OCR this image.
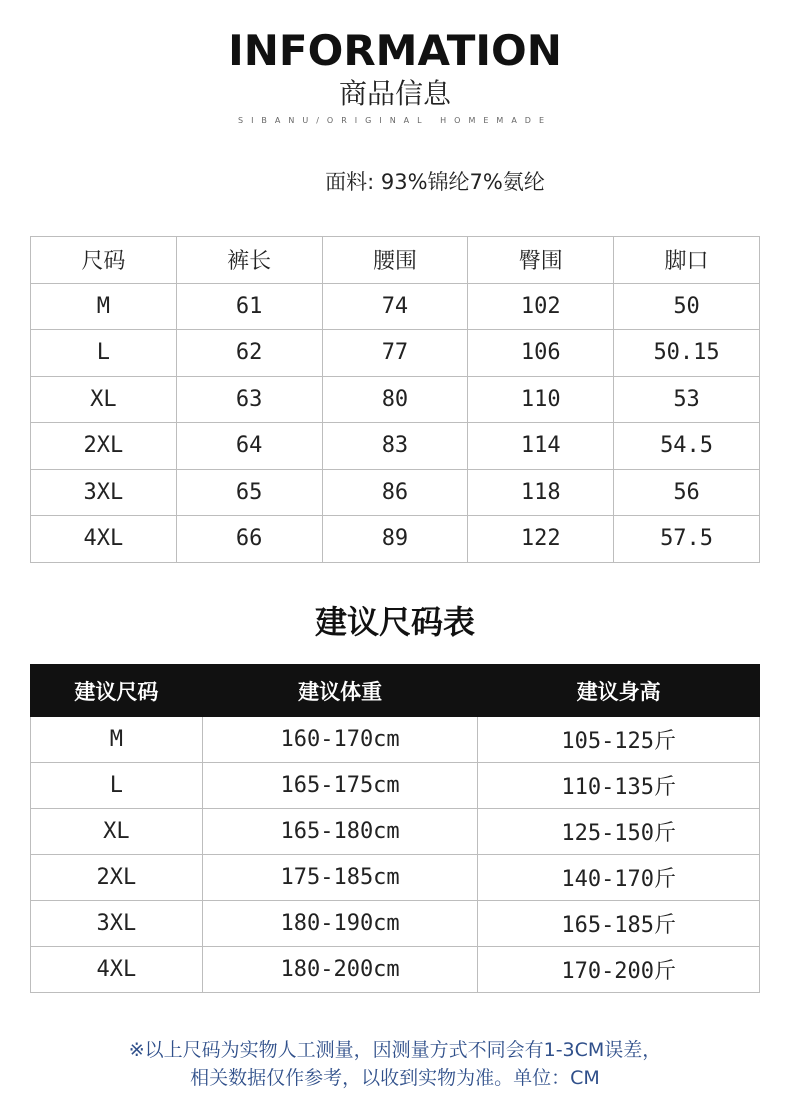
INFORMATION
商品信息
SIBANU/ORIGINAL HOMEMADE
面料: 93%锦纶7%氨纶
尺码	裤长	腰围	臀围	脚口
M	61	74	102	50
L	62	77	106	50.15
XL	63	80	110	53
2XL	64	83	114	54.5
3XL	65	86	118	56
4XL	66	89	122	57.5
建议尺码表
建议尺码	建议体重	建议身高
M	160-170cm	105-125斤
L	165-175cm	110-135斤
XL	165-180cm	125-150斤
2XL	175-185cm	140-170斤
3XL	180-190cm	165-185斤
4XL	180-200cm	170-200斤
※以上尺码为实物人工测量，因测量方式不同会有1-3CM误差，
相关数据仅作参考，以收到实物为准。单位：CM
